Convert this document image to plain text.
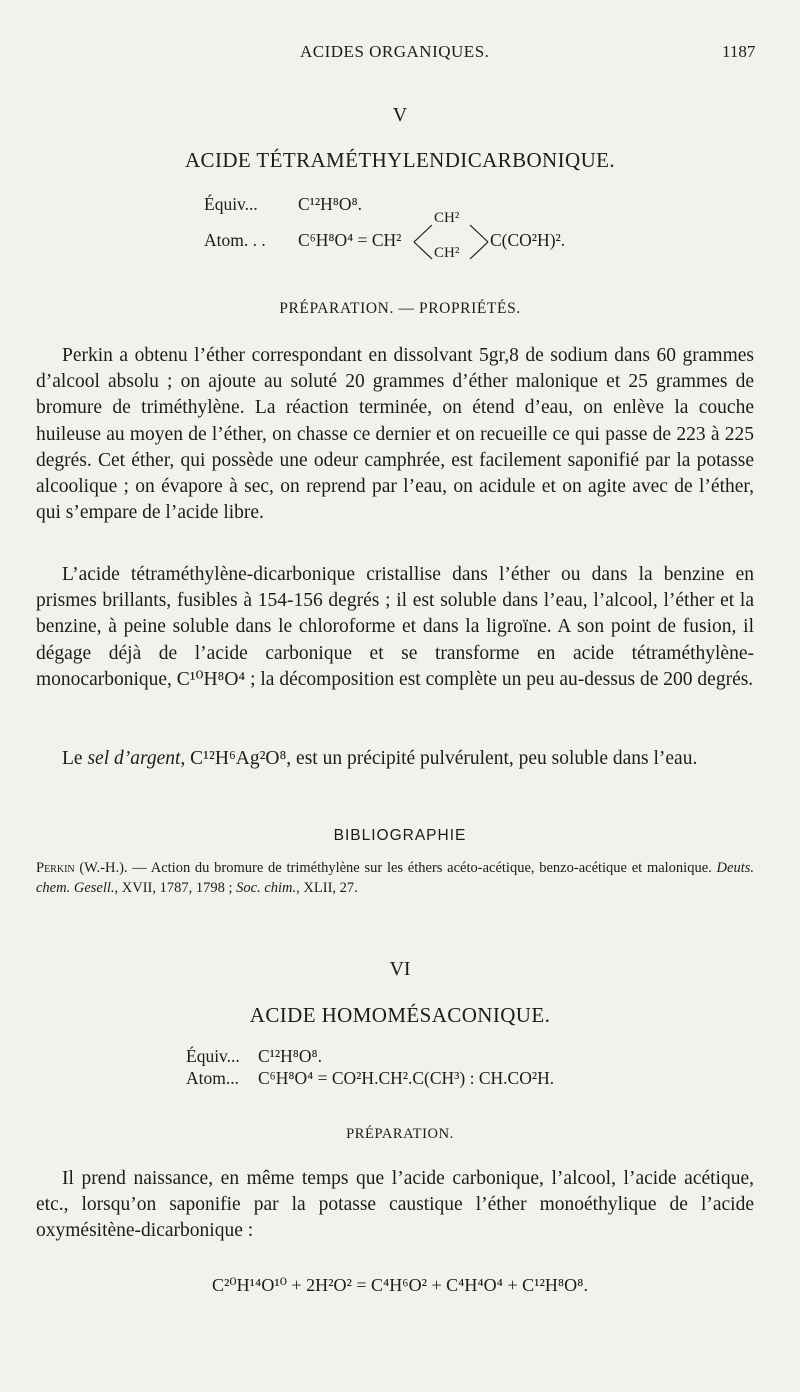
ACIDES ORGANIQUES.	1187
V
ACIDE TÉTRAMÉTHYLENDICARBONIQUE.
Équiv... C¹²H⁸O⁸.
Atom. . . C⁶H⁸O⁴ = CH²
CH²
CH²
C(CO²H)².
PRÉPARATION. — PROPRIÉTÉS.
Perkin a obtenu l’éther correspondant en dissolvant 5gr,8 de sodium dans 60 grammes d’alcool absolu ; on ajoute au soluté 20 grammes d’éther malonique et 25 grammes de bromure de triméthylène. La réaction terminée, on étend d’eau, on enlève la couche huileuse au moyen de l’éther, on chasse ce dernier et on recueille ce qui passe de 223 à 225 degrés. Cet éther, qui possède une odeur camphrée, est facilement saponifié par la potasse alcoolique ; on évapore à sec, on reprend par l’eau, on acidule et on agite avec de l’éther, qui s’empare de l’acide libre.
L’acide tétraméthylène-dicarbonique cristallise dans l’éther ou dans la benzine en prismes brillants, fusibles à 154-156 degrés ; il est soluble dans l’eau, l’alcool, l’éther et la benzine, à peine soluble dans le chloroforme et dans la ligroïne. A son point de fusion, il dégage déjà de l’acide carbonique et se transforme en acide tétraméthylène-monocarbonique, C¹⁰H⁸O⁴ ; la décomposition est complète un peu au-dessus de 200 degrés.
Le sel d’argent, C¹²H⁶Ag²O⁸, est un précipité pulvérulent, peu soluble dans l’eau.
BIBLIOGRAPHIE
Perkin (W.-H.). — Action du bromure de triméthylène sur les éthers acéto-acétique, benzo-acétique et malonique. Deuts. chem. Gesell., XVII, 1787, 1798 ; Soc. chim., XLII, 27.
VI
ACIDE HOMOMÉSACONIQUE.
Équiv... C¹²H⁸O⁸.
Atom... C⁶H⁸O⁴ = CO²H.CH².C(CH³) : CH.CO²H.
PRÉPARATION.
Il prend naissance, en même temps que l’acide carbonique, l’alcool, l’acide acétique, etc., lorsqu’on saponifie par la potasse caustique l’éther monoéthylique de l’acide oxymésitène-dicarbonique :
C²⁰H¹⁴O¹⁰ + 2H²O² = C⁴H⁶O² + C⁴H⁴O⁴ + C¹²H⁸O⁸.
